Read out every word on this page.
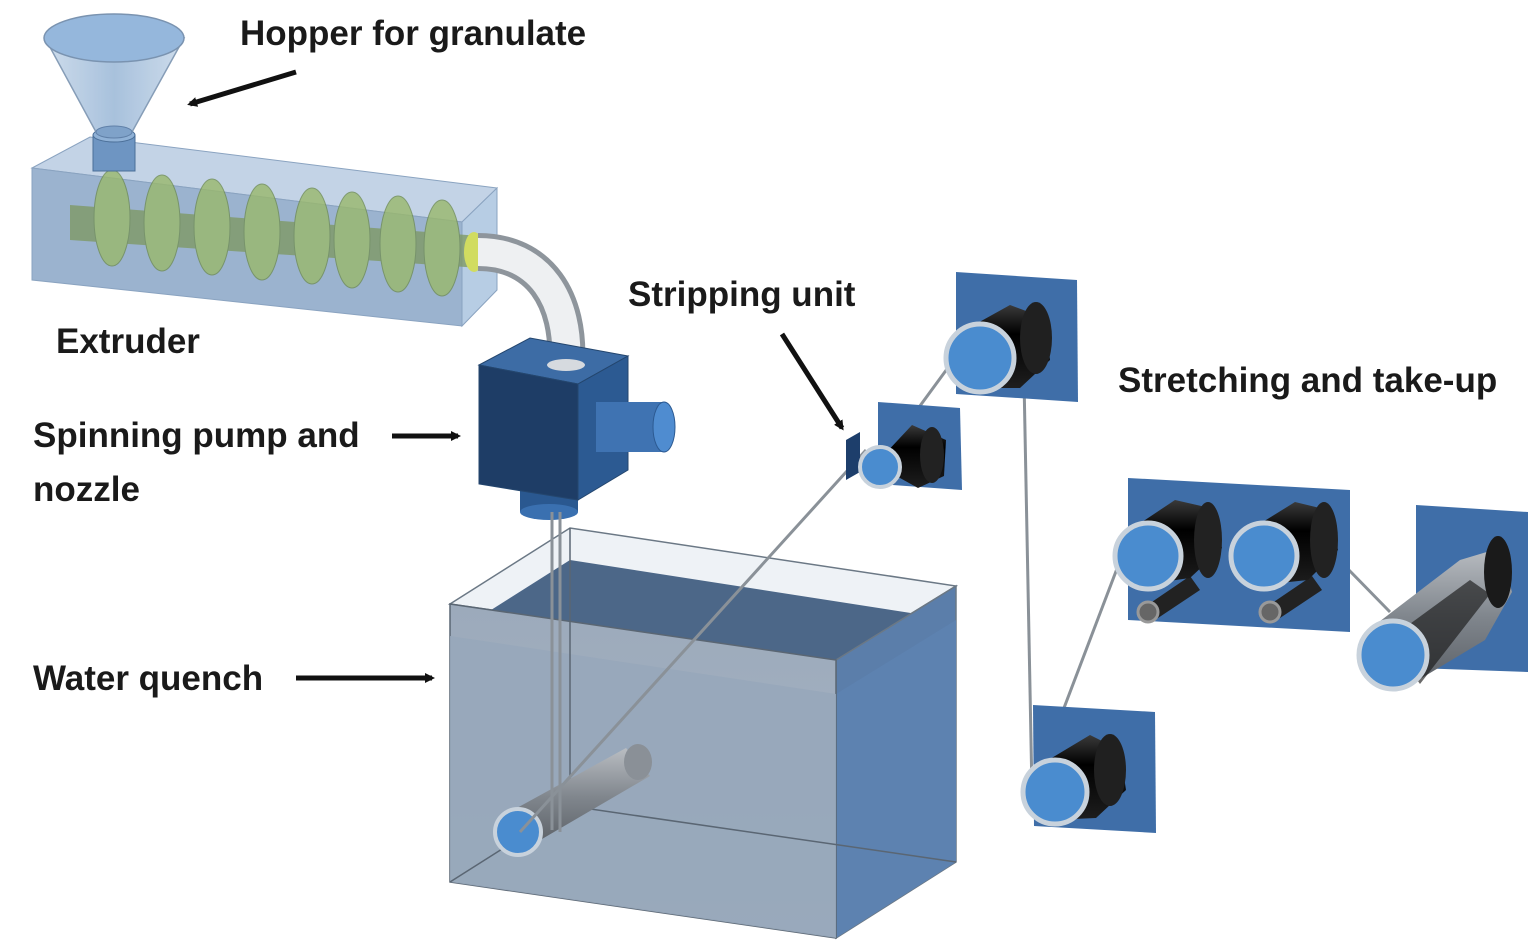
Hopper for granulate
Extruder
Spinning pump and
nozzle
Stripping unit
Stretching and take-up
Water quench
